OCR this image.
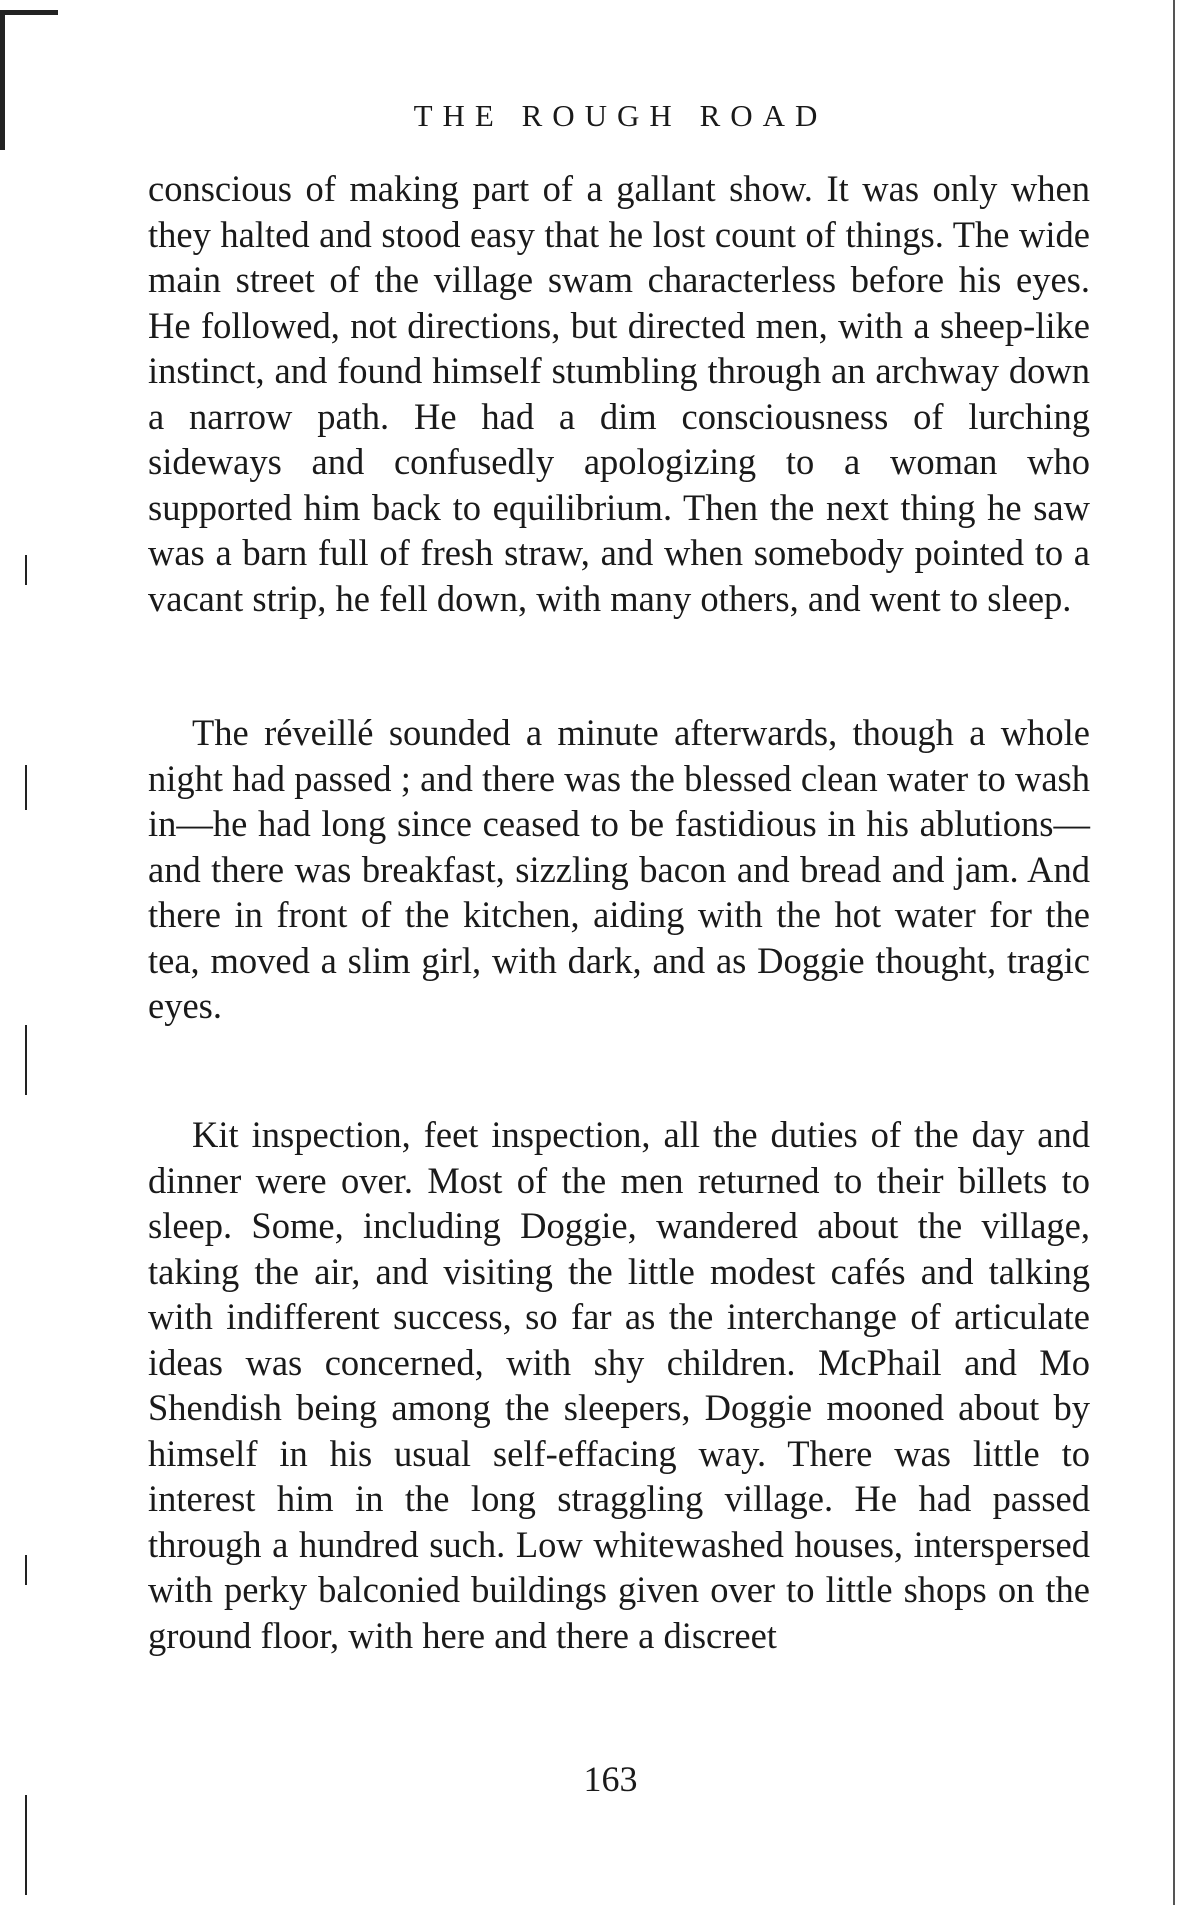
THE ROUGH ROAD

conscious of making part of a gallant show. It was only when they halted and stood easy that he lost count of things. The wide main street of the village swam characterless before his eyes. He followed, not directions, but directed men, with a sheep-like instinct, and found himself stumbling through an archway down a narrow path. He had a dim consciousness of lurching sideways and confusedly apologizing to a woman who supported him back to equilibrium. Then the next thing he saw was a barn full of fresh straw, and when somebody pointed to a vacant strip, he fell down, with many others, and went to sleep.

The réveillé sounded a minute afterwards, though a whole night had passed ; and there was the blessed clean water to wash in—he had long since ceased to be fastidious in his ablutions—and there was breakfast, sizzling bacon and bread and jam. And there in front of the kitchen, aiding with the hot water for the tea, moved a slim girl, with dark, and as Doggie thought, tragic eyes.

Kit inspection, feet inspection, all the duties of the day and dinner were over. Most of the men returned to their billets to sleep. Some, including Doggie, wandered about the village, taking the air, and visiting the little modest cafés and talking with indifferent success, so far as the interchange of articulate ideas was concerned, with shy children. McPhail and Mo Shendish being among the sleepers, Doggie mooned about by himself in his usual self-effacing way. There was little to interest him in the long straggling village. He had passed through a hundred such. Low whitewashed houses, interspersed with perky balconied buildings given over to little shops on the ground floor, with here and there a discreet

163
